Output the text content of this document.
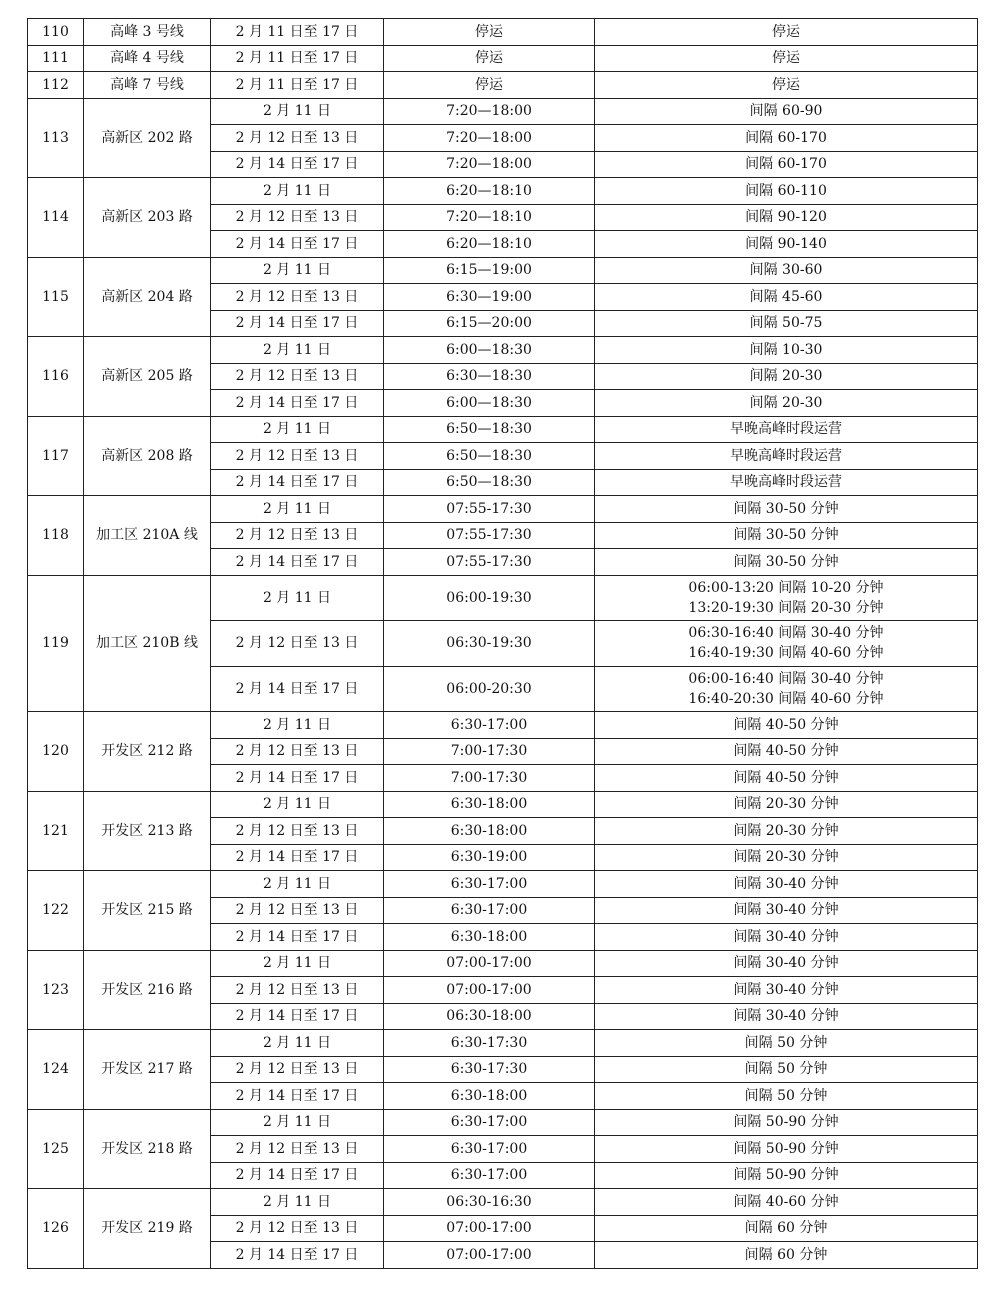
110	高峰 3 号线	2 月 11 日至 17 日	停运	停运

111	高峰 4 号线	2 月 11 日至 17 日	停运	停运

112	高峰 7 号线	2 月 11 日至 17 日	停运	停运

113	高新区 202 路	2 月 11 日	7:20—18:00	间隔 60-90

		2 月 12 日至 13 日	7:20—18:00	间隔 60-170

		2 月 14 日至 17 日	7:20—18:00	间隔 60-170

114	高新区 203 路	2 月 11 日	6:20—18:10	间隔 60-110

		2 月 12 日至 13 日	7:20—18:10	间隔 90-120

		2 月 14 日至 17 日	6:20—18:10	间隔 90-140

115	高新区 204 路	2 月 11 日	6:15—19:00	间隔 30-60

		2 月 12 日至 13 日	6:30—19:00	间隔 45-60

		2 月 14 日至 17 日	6:15—20:00	间隔 50-75

116	高新区 205 路	2 月 11 日	6:00—18:30	间隔 10-30

		2 月 12 日至 13 日	6:30—18:30	间隔 20-30

		2 月 14 日至 17 日	6:00—18:30	间隔 20-30

117	高新区 208 路	2 月 11 日	6:50—18:30	早晚高峰时段运营

		2 月 12 日至 13 日	6:50—18:30	早晚高峰时段运营

		2 月 14 日至 17 日	6:50—18:30	早晚高峰时段运营

118	加工区 210A 线	2 月 11 日	07:55-17:30	间隔 30-50 分钟

		2 月 12 日至 13 日	07:55-17:30	间隔 30-50 分钟

		2 月 14 日至 17 日	07:55-17:30	间隔 30-50 分钟

119	加工区 210B 线	2 月 11 日	06:00-19:30	06:00-13:20 间隔 10-20 分钟
13:20-19:30 间隔 20-30 分钟

		2 月 12 日至 13 日	06:30-19:30	06:30-16:40 间隔 30-40 分钟
16:40-19:30 间隔 40-60 分钟

		2 月 14 日至 17 日	06:00-20:30	06:00-16:40 间隔 30-40 分钟
16:40-20:30 间隔 40-60 分钟

120	开发区 212 路	2 月 11 日	6:30-17:00	间隔 40-50 分钟

		2 月 12 日至 13 日	7:00-17:30	间隔 40-50 分钟

		2 月 14 日至 17 日	7:00-17:30	间隔 40-50 分钟

121	开发区 213 路	2 月 11 日	6:30-18:00	间隔 20-30 分钟

		2 月 12 日至 13 日	6:30-18:00	间隔 20-30 分钟

		2 月 14 日至 17 日	6:30-19:00	间隔 20-30 分钟

122	开发区 215 路	2 月 11 日	6:30-17:00	间隔 30-40 分钟

		2 月 12 日至 13 日	6:30-17:00	间隔 30-40 分钟

		2 月 14 日至 17 日	6:30-18:00	间隔 30-40 分钟

123	开发区 216 路	2 月 11 日	07:00-17:00	间隔 30-40 分钟

		2 月 12 日至 13 日	07:00-17:00	间隔 30-40 分钟

		2 月 14 日至 17 日	06:30-18:00	间隔 30-40 分钟

124	开发区 217 路	2 月 11 日	6:30-17:30	间隔 50 分钟

		2 月 12 日至 13 日	6:30-17:30	间隔 50 分钟

		2 月 14 日至 17 日	6:30-18:00	间隔 50 分钟

125	开发区 218 路	2 月 11 日	6:30-17:00	间隔 50-90 分钟

		2 月 12 日至 13 日	6:30-17:00	间隔 50-90 分钟

		2 月 14 日至 17 日	6:30-17:00	间隔 50-90 分钟

126	开发区 219 路	2 月 11 日	06:30-16:30	间隔 40-60 分钟

		2 月 12 日至 13 日	07:00-17:00	间隔 60 分钟

		2 月 14 日至 17 日	07:00-17:00	间隔 60 分钟
